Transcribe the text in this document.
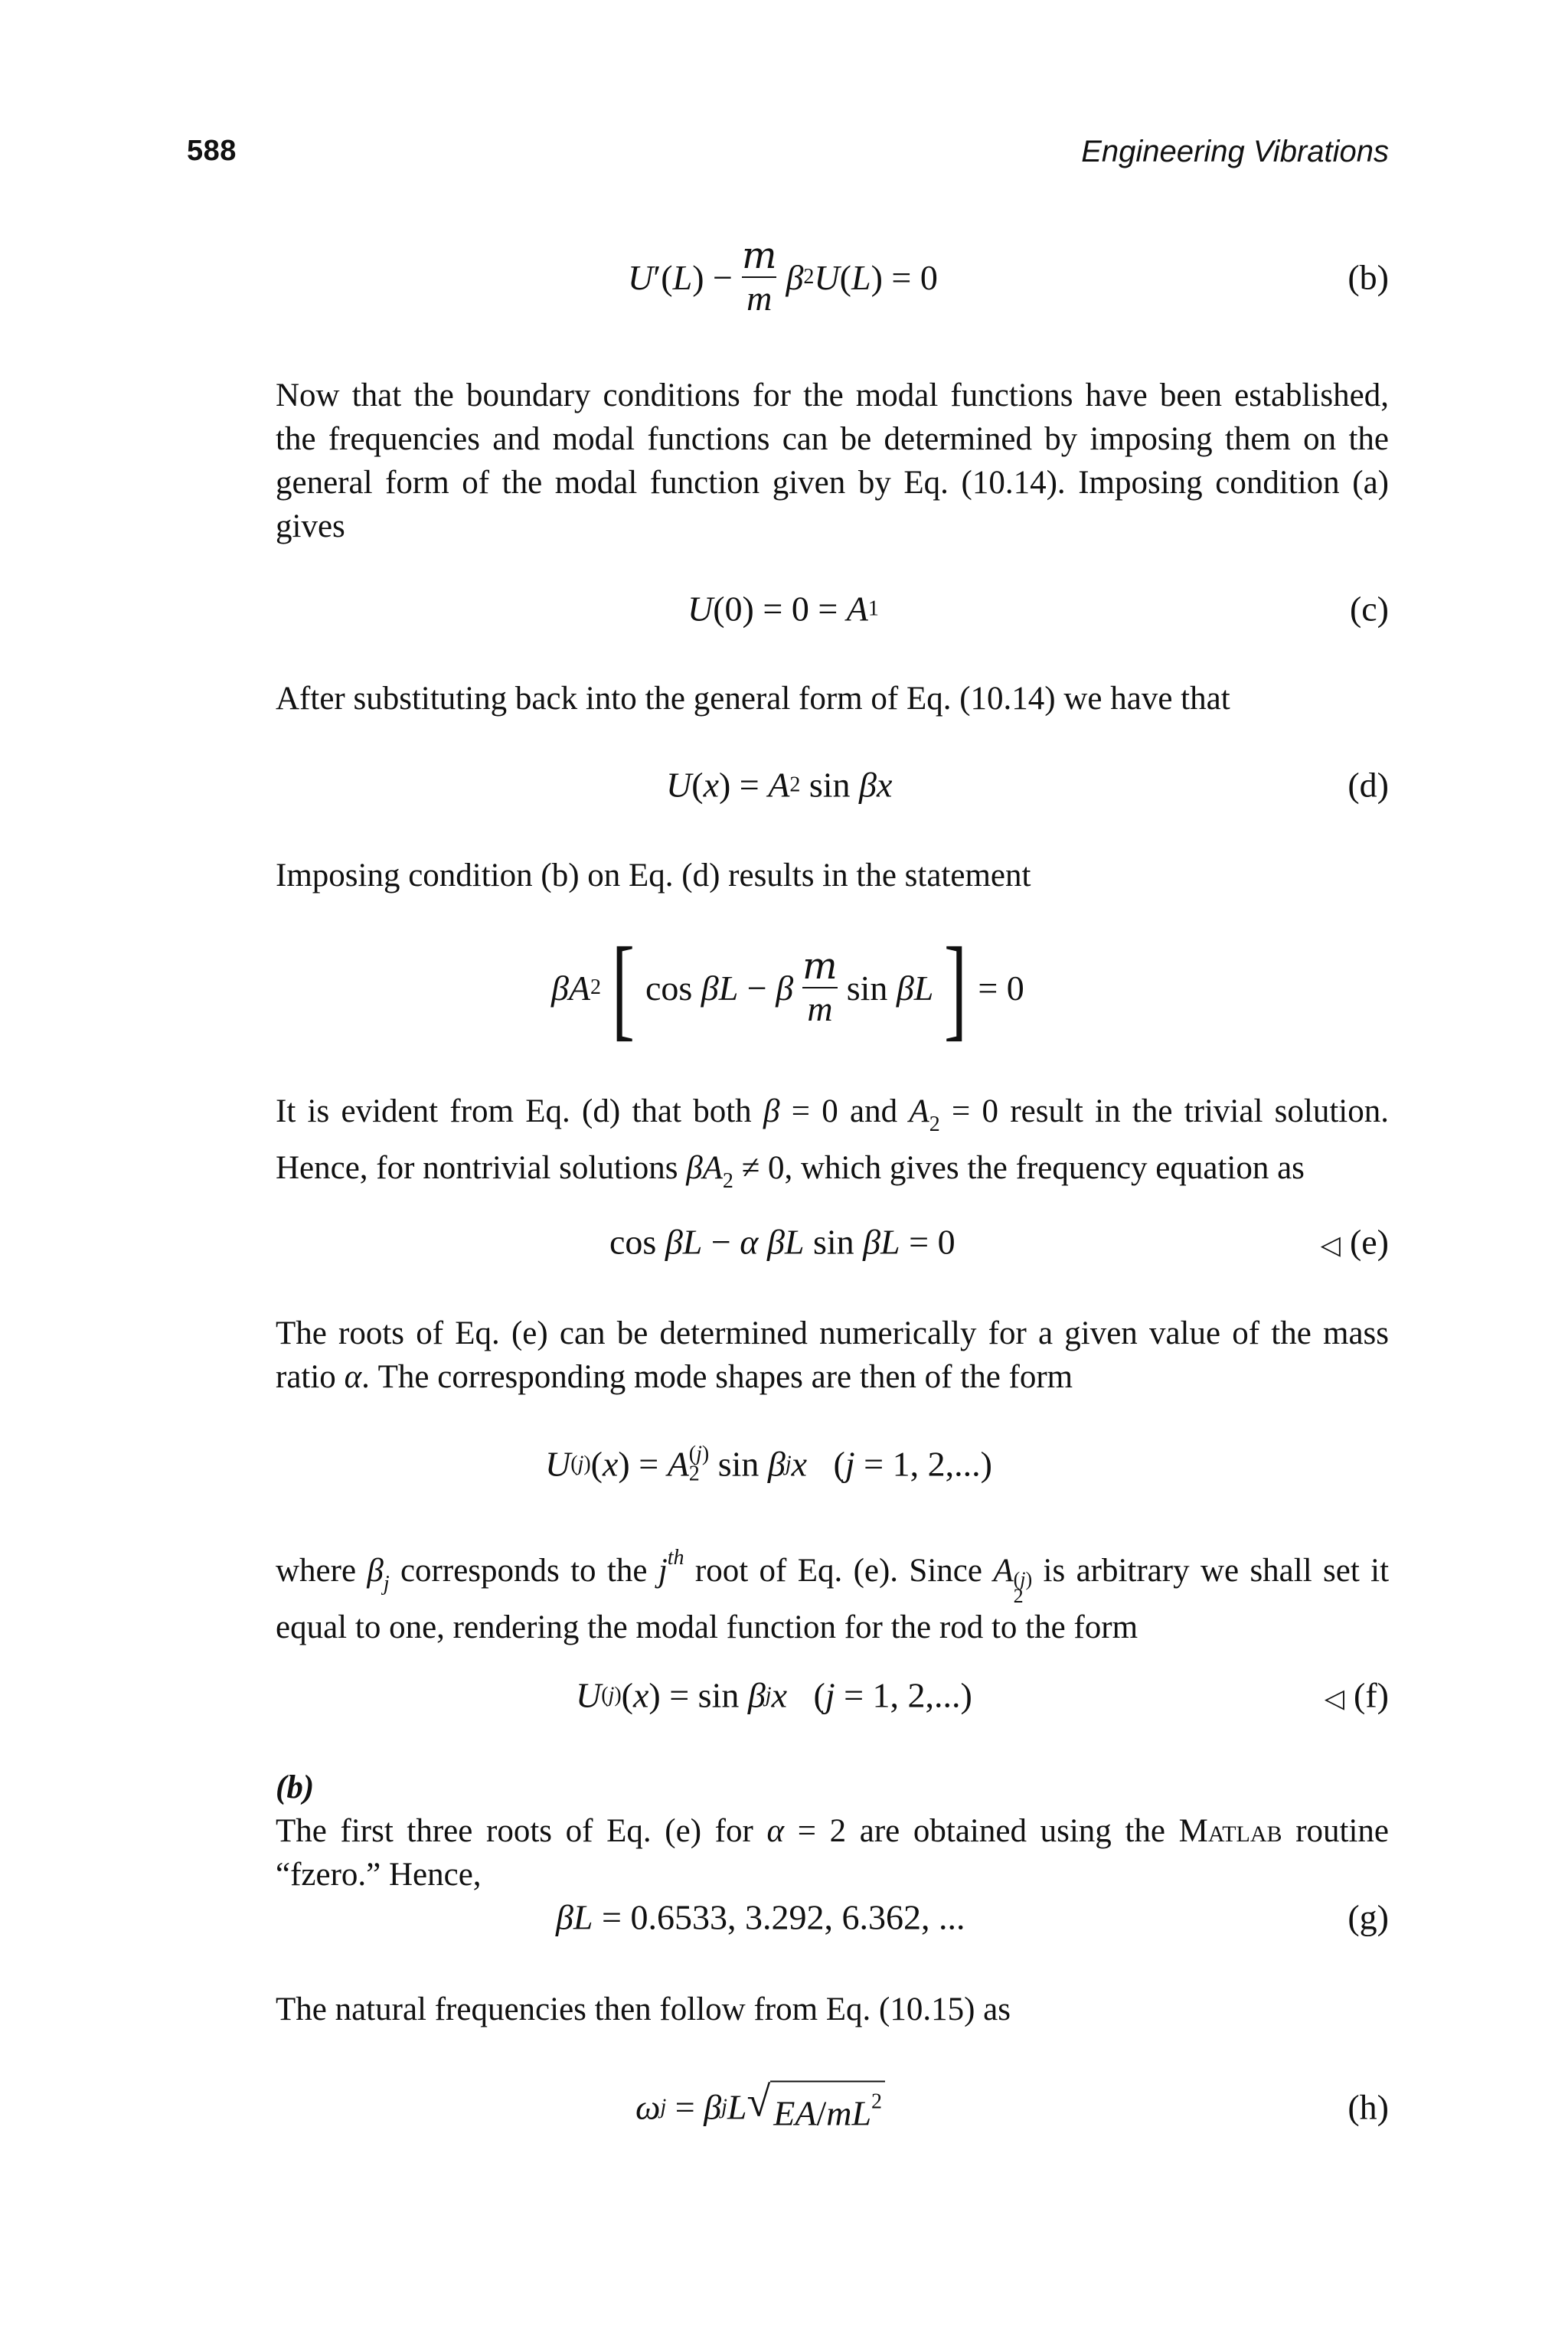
588	Engineering Vibrations
U ′( L ) − $\frac{m}{m}$ β 2 U ( L ) = 0	(b)

Now that the boundary conditions for the modal functions have been established, the frequencies and modal functions can be determined by imposing them on the general form of the modal function given by Eq. (10.14). Imposing condition (a) gives

U (0) = 0 = A 1	(c)

After substituting back into the general form of Eq. (10.14) we have that

U ( x ) = A 2 sin βx	(d)

Imposing condition (b) on Eq. (d) results in the statement

βA 2 [ cos βL − β $\frac{m}{m}$ sin βL ] = 0

It is evident from Eq. (d) that both β = 0 and $A_2 = 0$ result in the trivial solution. Hence, for nontrivial solutions $\beta A_2 \ne 0$, which gives the frequency equation as

cos βL − α
βL sin βL = 0	◁ (e)

The roots of Eq. (e) can be determined numerically for a given value of the mass ratio α. The corresponding mode shapes are then of the form

U (j) ( x ) = A (j)
2 sin β j x ( j = 1, 2,...)

where $\beta_j$ corresponds to the $j^{th}$ root of Eq. (e). Since A (j)
2
is arbitrary we shall set it equal to one, rendering the modal function for the rod to the form

U (j) ( x ) = sin β j x ( j = 1, 2,...)	◁ (f)
(b)

The first three roots of Eq. (e) for α = 2 are obtained using the Matlab routine “fzero.” Hence,

βL = 0.6533, 3.292, 6.362, ...	(g)

The natural frequencies then follow from Eq. (10.15) as

ω j = β j L √ $EA/mL^2$	(h)
